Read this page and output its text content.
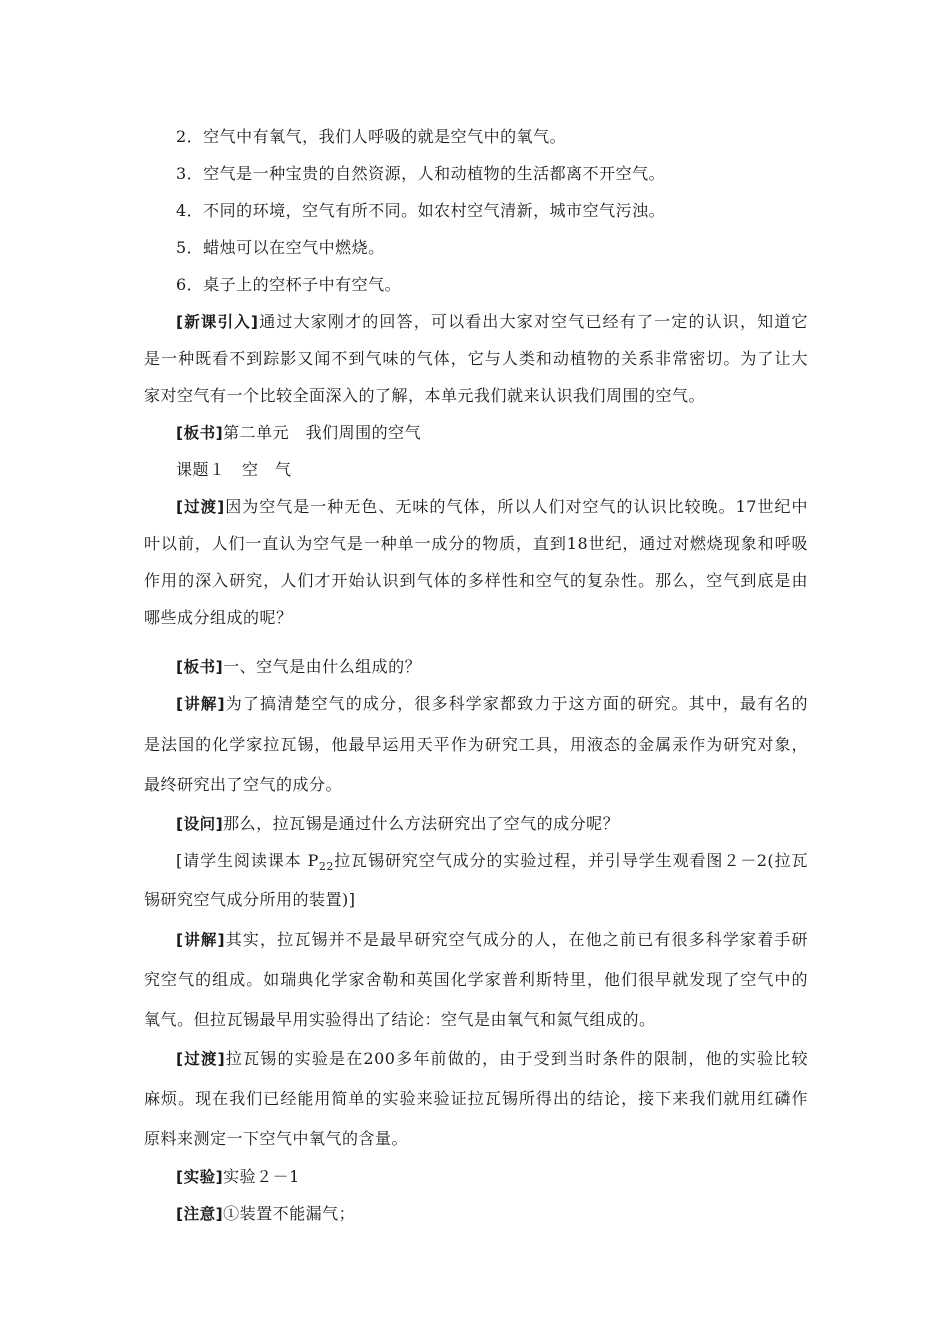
2．空气中有氧气，我们人呼吸的就是空气中的氧气。
3．空气是一种宝贵的自然资源，人和动植物的生活都离不开空气。
4．不同的环境，空气有所不同。如农村空气清新，城市空气污浊。
5．蜡烛可以在空气中燃烧。
6．桌子上的空杯子中有空气。
[新课引入]通过大家刚才的回答，可以看出大家对空气已经有了一定的认识，知道它
是一种既看不到踪影又闻不到气味的气体，它与人类和动植物的关系非常密切。为了让大
家对空气有一个比较全面深入的了解，本单元我们就来认识我们周围的空气。
[板书]第二单元　我们周围的空气
课题１　空　气
[过渡]因为空气是一种无色、无味的气体，所以人们对空气的认识比较晚。17世纪中
叶以前，人们一直认为空气是一种单一成分的物质，直到18世纪，通过对燃烧现象和呼吸
作用的深入研究，人们才开始认识到气体的多样性和空气的复杂性。那么，空气到底是由
哪些成分组成的呢？
[板书]一、空气是由什么组成的？
[讲解]为了搞清楚空气的成分，很多科学家都致力于这方面的研究。其中，最有名的
是法国的化学家拉瓦锡，他最早运用天平作为研究工具，用液态的金属汞作为研究对象，
最终研究出了空气的成分。
[设问]那么，拉瓦锡是通过什么方法研究出了空气的成分呢？
[请学生阅读课本 $P_{22}$拉瓦锡研究空气成分的实验过程，并引导学生观看图２－2(拉瓦
锡研究空气成分所用的装置)]
[讲解]其实，拉瓦锡并不是最早研究空气成分的人，在他之前已有很多科学家着手研
究空气的组成。如瑞典化学家舍勒和英国化学家普利斯特里，他们很早就发现了空气中的
氧气。但拉瓦锡最早用实验得出了结论：空气是由氧气和氮气组成的。
[过渡]拉瓦锡的实验是在200多年前做的，由于受到当时条件的限制，他的实验比较
麻烦。现在我们已经能用简单的实验来验证拉瓦锡所得出的结论，接下来我们就用红磷作
原料来测定一下空气中氧气的含量。
[实验]实验２－1
[注意]①装置不能漏气；
